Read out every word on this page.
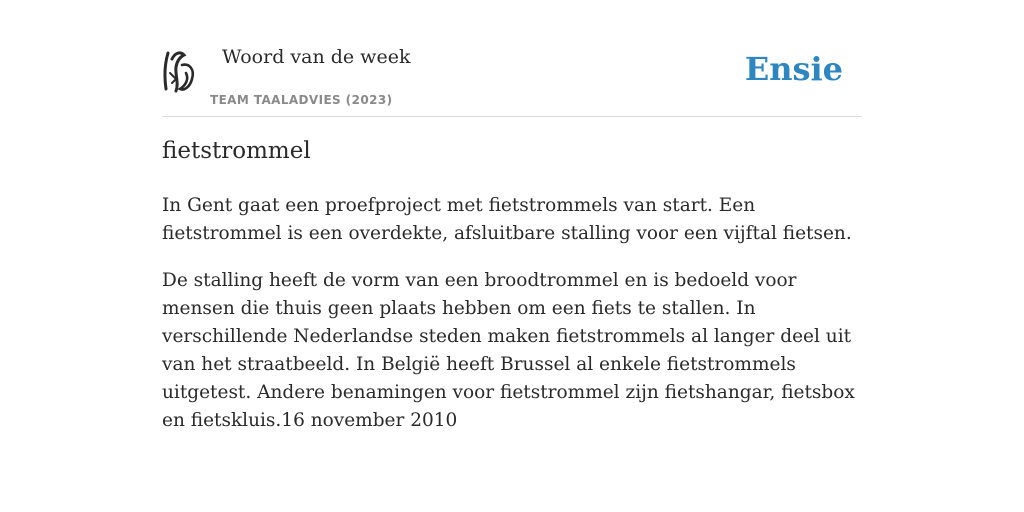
Woord van de week
TEAM TAALADVIES (2023)
Ensie
fietstrommel

In Gent gaat een proefproject met fietstrommels van start. Een fietstrommel is een overdekte, afsluitbare stalling voor een vijftal fietsen.

De stalling heeft de vorm van een broodtrommel en is bedoeld voor mensen die thuis geen plaats hebben om een fiets te stallen. In verschillende Nederlandse steden maken fietstrommels al langer deel uit van het straatbeeld. In België heeft Brussel al enkele fietstrommels uitgetest. Andere benamingen voor fietstrommel zijn fietshangar, fietsbox en fietskluis.16 november 2010
